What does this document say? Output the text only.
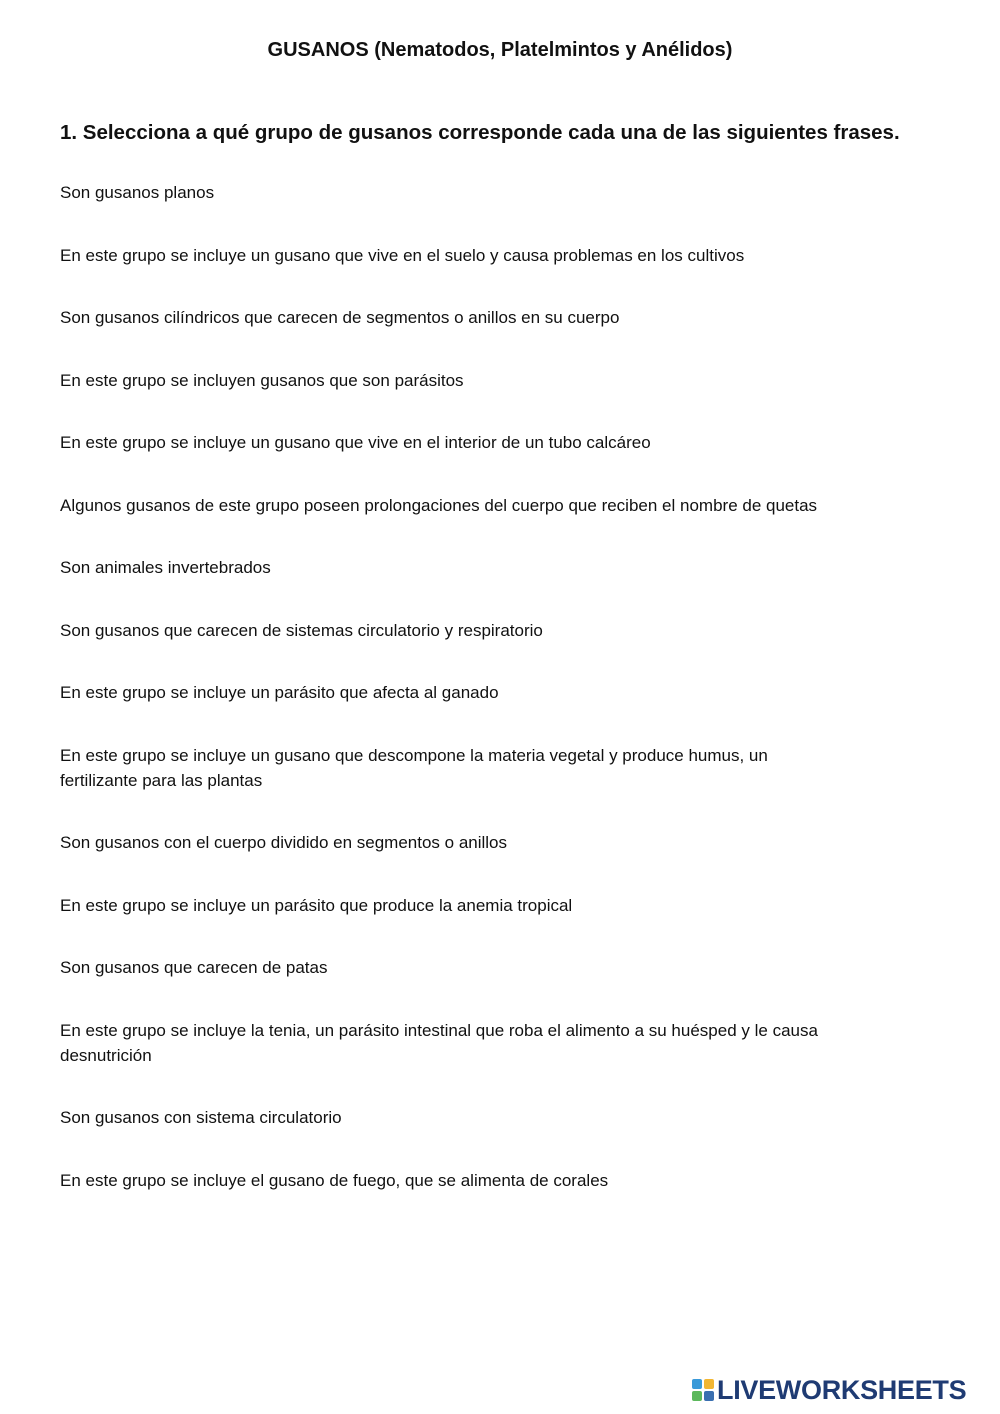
GUSANOS (Nematodos, Platelmintos y Anélidos)
1. Selecciona a qué grupo de gusanos corresponde cada una de las siguientes frases.
Son gusanos planos
En este grupo se incluye un gusano que vive en el suelo y causa problemas en los cultivos
Son gusanos cilíndricos que carecen de segmentos o anillos en su cuerpo
En este grupo se incluyen gusanos que son parásitos
En este grupo se incluye un gusano que vive en el interior de un tubo calcáreo
Algunos gusanos de este grupo poseen prolongaciones del cuerpo que reciben el nombre de quetas
Son animales invertebrados
Son gusanos que carecen de sistemas circulatorio y respiratorio
En este grupo se incluye un parásito que afecta al ganado
En este grupo se incluye un gusano que descompone la materia vegetal y produce humus, un fertilizante para las plantas
Son gusanos con el cuerpo dividido en segmentos o anillos
En este grupo se incluye un parásito que produce la anemia tropical
Son gusanos que carecen de patas
En este grupo se incluye la tenia, un parásito intestinal que roba el alimento a su huésped y le causa desnutrición
Son gusanos con sistema circulatorio
En este grupo se incluye el gusano de fuego, que se alimenta de corales
LIVEWORKSHEETS
